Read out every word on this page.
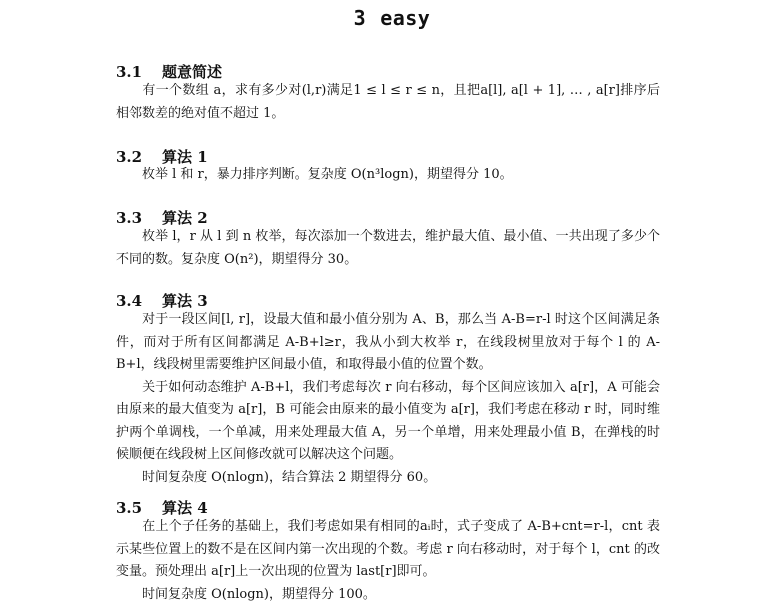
3 easy
3.1 题意简述

有一个数组 a，求有多少对(l,r)满足1 ≤ l ≤ r ≤ n，且把a[l], a[l + 1], … , a[r]排序后相邻数差的绝对值不超过 1。

3.2 算法 1

枚举 l 和 r，暴力排序判断。复杂度 O(n³logn)，期望得分 10。

3.3 算法 2

枚举 l，r 从 l 到 n 枚举，每次添加一个数进去，维护最大值、最小值、一共出现了多少个不同的数。复杂度 O(n²)，期望得分 30。

3.4 算法 3

对于一段区间[l, r]，设最大值和最小值分别为 A、B，那么当 A-B=r-l 时这个区间满足条件，而对于所有区间都满足 A-B+l≥r，我从小到大枚举 r，在线段树里放对于每个 l 的 A-B+l，线段树里需要维护区间最小值，和取得最小值的位置个数。

关于如何动态维护 A-B+l，我们考虑每次 r 向右移动，每个区间应该加入 a[r]，A 可能会由原来的最大值变为 a[r]，B 可能会由原来的最小值变为 a[r]，我们考虑在移动 r 时，同时维护两个单调栈，一个单减，用来处理最大值 A，另一个单增，用来处理最小值 B，在弹栈的时候顺便在线段树上区间修改就可以解决这个问题。

时间复杂度 O(nlogn)，结合算法 2 期望得分 60。

3.5 算法 4

在上个子任务的基础上，我们考虑如果有相同的aᵢ时，式子变成了 A-B+cnt=r-l，cnt 表示某些位置上的数不是在区间内第一次出现的个数。考虑 r 向右移动时，对于每个 l，cnt 的改变量。预处理出 a[r]上一次出现的位置为 last[r]即可。

时间复杂度 O(nlogn)，期望得分 100。
